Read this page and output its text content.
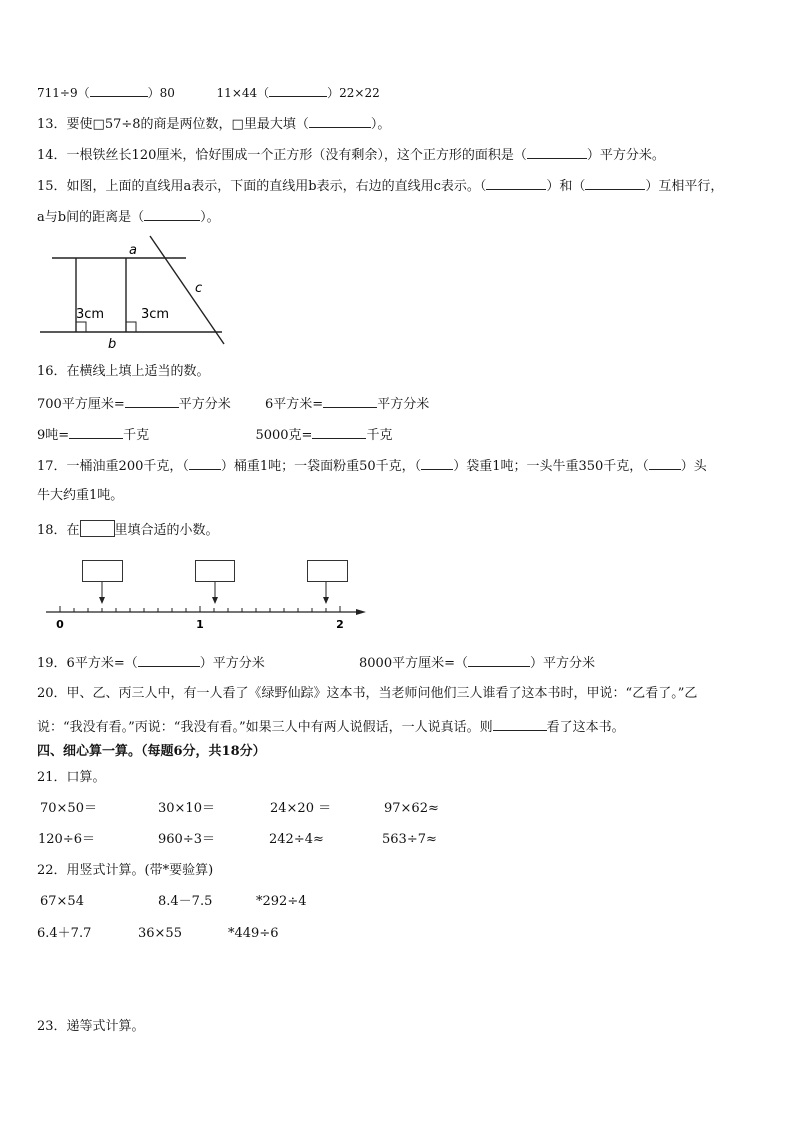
711÷9（	）80	11×44（	）22×22
13．要使□57÷8的商是两位数，□里最大填（	）。
14．一根铁丝长120厘米，恰好围成一个正方形（没有剩余），这个正方形的面积是（	）平方分米。
15．如图，上面的直线用a表示，下面的直线用b表示，右边的直线用c表示。（	）和（	）互相平行，
a与b间的距离是（	）。
a
b
c
3cm	3cm
16．在横线上填上适当的数。
700平方厘米=	平方分米	6平方米=	平方分米
9吨=	千克	5000克=	千克
17．一桶油重200千克，（ ）桶重1吨；一袋面粉重50千克，（ ）袋重1吨；一头牛重350千克，（ ）头
牛大约重1吨。
18．在	里填合适的小数。
0	1	2
19．6平方米=（	）平方分米	8000平方厘米=（	）平方分米
20．甲、乙、丙三人中，有一人看了《绿野仙踪》这本书，当老师问他们三人谁看了这本书时，甲说：“乙看了。”乙
说：“我没有看。”丙说：“我没有看。”如果三人中有两人说假话，一人说真话。则	看了这本书。
四、细心算一算。（每题6分，共18分）
21．口算。
70×50＝	30×10＝	24×20 ＝	97×62≈
120÷6＝	960÷3＝	242÷4≈	563÷7≈
22．用竖式计算。(带*要验算)
67×54	8.4－7.5	*292÷4
6.4＋7.7	36×55	*449÷6
23．递等式计算。
